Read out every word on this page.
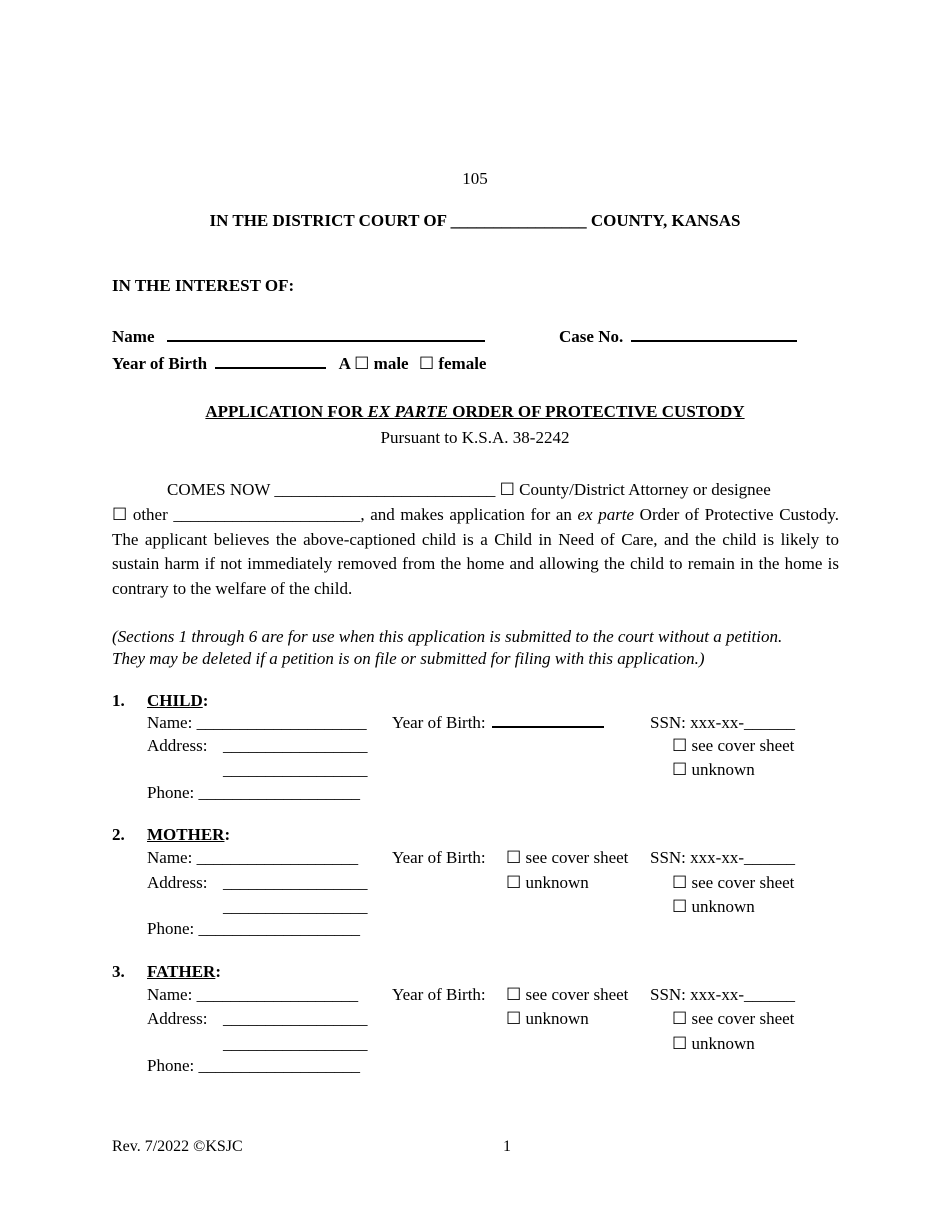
105
IN THE DISTRICT COURT OF ________________ COUNTY, KANSAS
IN THE INTEREST OF:
Name	Case No.
Year of Birth	A ☐ male ☐ female
APPLICATION FOR EX PARTE ORDER OF PROTECTIVE CUSTODY
Pursuant to K.S.A. 38-2242
COMES NOW __________________________ ☐ County/District Attorney or designee
☐ other ______________________, and makes application for an ex parte Order of Protective Custody. The applicant believes the above-captioned child is a Child in Need of Care, and the child is likely to sustain harm if not immediately removed from the home and allowing the child to remain in the home is contrary to the welfare of the child.
(Sections 1 through 6 are for use when this application is submitted to the court without a petition.
They may be deleted if a petition is on file or submitted for filing with this application.)
1. CHILD:
Name: ____________________ Year of Birth:	SSN: xxx-xx-______
Address: _________________	☐ see cover sheet
_________________	☐ unknown
Phone: ___________________
2. MOTHER:
Name: ___________________ Year of Birth: ☐ see cover sheet SSN: xxx-xx-______
Address: _________________	☐ unknown	☐ see cover sheet
_________________	☐ unknown
Phone: ___________________
3. FATHER:
Name: ___________________ Year of Birth: ☐ see cover sheet SSN: xxx-xx-______
Address: _________________	☐ unknown	☐ see cover sheet
_________________	☐ unknown
Phone: ___________________
Rev. 7/2022 ©KSJC	1
